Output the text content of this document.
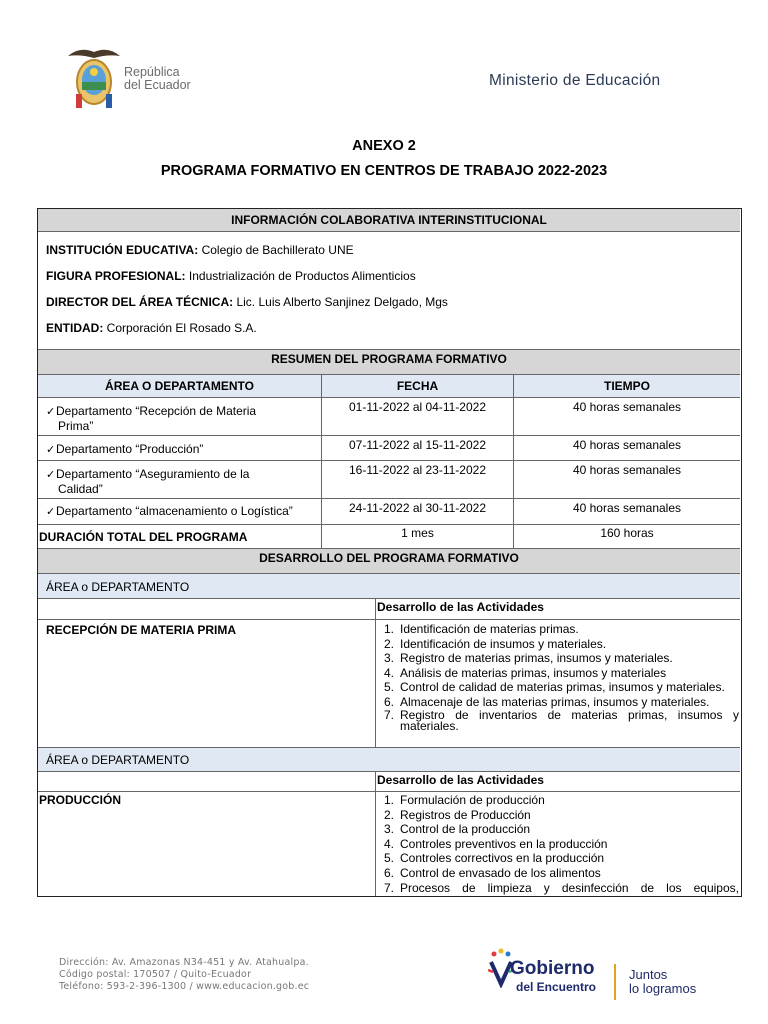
República
del Ecuador	Ministerio de Educación
ANEXO 2
PROGRAMA FORMATIVO EN CENTROS DE TRABAJO 2022-2023
INFORMACIÓN COLABORATIVA INTERINSTITUCIONAL

INSTITUCIÓN EDUCATIVA: Colegio de Bachillerato UNE

FIGURA PROFESIONAL: Industrialización de Productos Alimenticios

DIRECTOR DEL ÁREA TÉCNICA: Lic. Luis Alberto Sanjinez Delgado, Mgs

ENTIDAD: Corporación El Rosado S.A.

RESUMEN DEL PROGRAMA FORMATIVO
ÁREA O DEPARTAMENTO	FECHA	TIEMPO
✓Departamento “Recepción de Materia
Prima”
01-11-2022 al 04-11-2022	40 horas semanales
✓Departamento “Producción”	07-11-2022 al 15-11-2022	40 horas semanales
✓Departamento “Aseguramiento de la
Calidad”
16-11-2022 al 23-11-2022	40 horas semanales
✓Departamento “almacenamiento o Logística”	24-11-2022 al 30-11-2022	40 horas semanales
DURACIÓN TOTAL DEL PROGRAMA	1 mes	160 horas
DESARROLLO DEL PROGRAMA FORMATIVO
ÁREA o DEPARTAMENTO
Desarrollo de las Actividades
RECEPCIÓN DE MATERIA PRIMA	1. Identificación de materias primas.
2. Identificación de insumos y materiales.
3. Registro de materias primas, insumos y materiales.
4. Análisis de materias primas, insumos y materiales
5. Control de calidad de materias primas, insumos y materiales.
6. Almacenaje de las materias primas, insumos y materiales.
7. Registro de inventarios de materias primas, insumos y materiales.
ÁREA o DEPARTAMENTO
Desarrollo de las Actividades
PRODUCCIÓN	1. Formulación de producción
2. Registros de Producción
3. Control de la producción
4. Controles preventivos en la producción
5. Controles correctivos en la producción
6. Control de envasado de los alimentos
7. Procesos de limpieza y desinfección de los equipos,
Dirección: Av. Amazonas N34-451 y Av. Atahualpa.
Código postal: 170507 / Quito-Ecuador
Teléfono: 593-2-396-1300 / www.educacion.gob.ec
Gobierno
del Encuentro
Juntos
lo logramos
